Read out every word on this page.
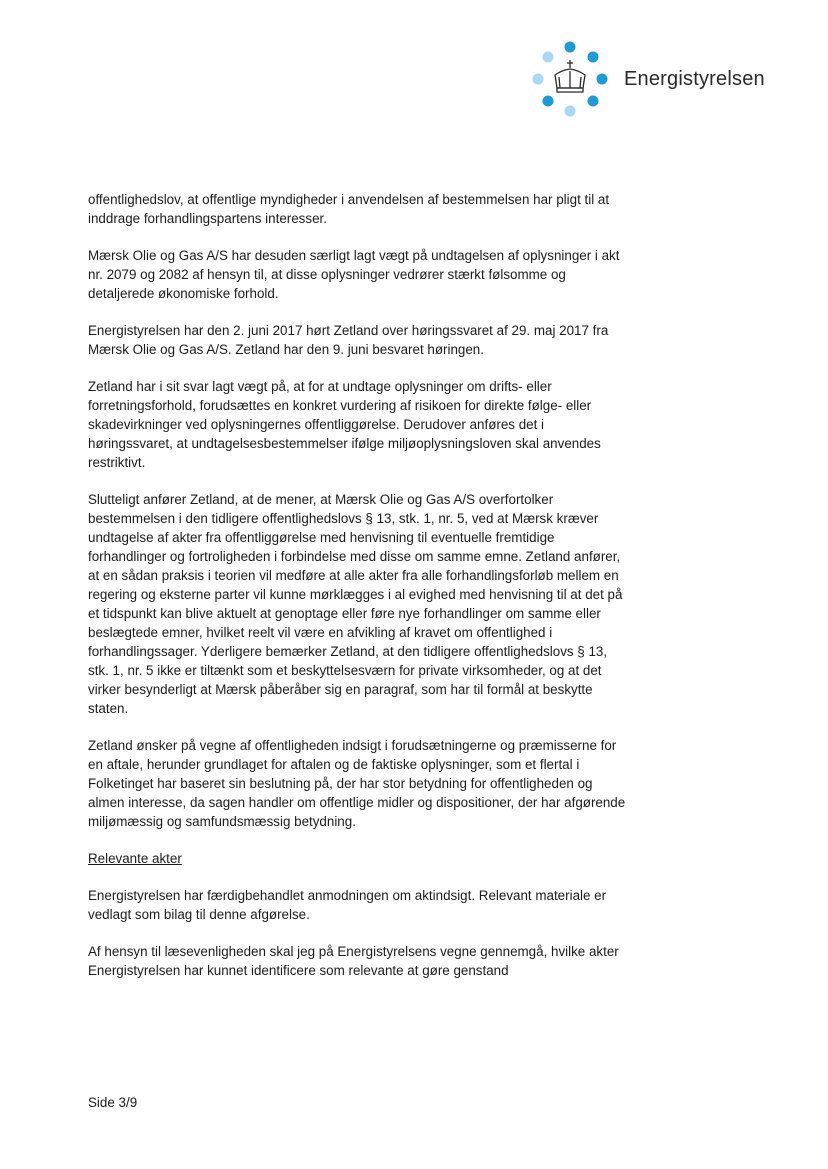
Energistyrelsen

offentlighedslov, at offentlige myndigheder i anvendelsen af bestemmelsen har pligt til at inddrage forhandlingspartens interesser.

Mærsk Olie og Gas A/S har desuden særligt lagt vægt på undtagelsen af oplysninger i akt nr. 2079 og 2082 af hensyn til, at disse oplysninger vedrører stærkt følsomme og detaljerede økonomiske forhold.

Energistyrelsen har den 2. juni 2017 hørt Zetland over høringssvaret af 29. maj 2017 fra Mærsk Olie og Gas A/S. Zetland har den 9. juni besvaret høringen.

Zetland har i sit svar lagt vægt på, at for at undtage oplysninger om drifts- eller forretningsforhold, forudsættes en konkret vurdering af risikoen for direkte følge- eller skadevirkninger ved oplysningernes offentliggørelse. Derudover anføres det i høringssvaret, at undtagelsesbestemmelser ifølge miljøoplysningsloven skal anvendes restriktivt.

Slutteligt anfører Zetland, at de mener, at Mærsk Olie og Gas A/S overfortolker bestemmelsen i den tidligere offentlighedslovs § 13, stk. 1, nr. 5, ved at Mærsk kræver undtagelse af akter fra offentliggørelse med henvisning til eventuelle fremtidige forhandlinger og fortroligheden i forbindelse med disse om samme emne. Zetland anfører, at en sådan praksis i teorien vil medføre at alle akter fra alle forhandlingsforløb mellem en regering og eksterne parter vil kunne mørklægges i al evighed med henvisning til at det på et tidspunkt kan blive aktuelt at genoptage eller føre nye forhandlinger om samme eller beslægtede emner, hvilket reelt vil være en afvikling af kravet om offentlighed i forhandlingssager. Yderligere bemærker Zetland, at den tidligere offentlighedslovs § 13, stk. 1, nr. 5 ikke er tiltænkt som et beskyttelsesværn for private virksomheder, og at det virker besynderligt at Mærsk påberåber sig en paragraf, som har til formål at beskytte staten.

Zetland ønsker på vegne af offentligheden indsigt i forudsætningerne og præmisserne for en aftale, herunder grundlaget for aftalen og de faktiske oplysninger, som et flertal i Folketinget har baseret sin beslutning på, der har stor betydning for offentligheden og almen interesse, da sagen handler om offentlige midler og dispositioner, der har afgørende miljømæssig og samfundsmæssig betydning.

Relevante akter

Energistyrelsen har færdigbehandlet anmodningen om aktindsigt. Relevant materiale er vedlagt som bilag til denne afgørelse.

Af hensyn til læsevenligheden skal jeg på Energistyrelsens vegne gennemgå, hvilke akter Energistyrelsen har kunnet identificere som relevante at gøre genstand

Side 3/9
